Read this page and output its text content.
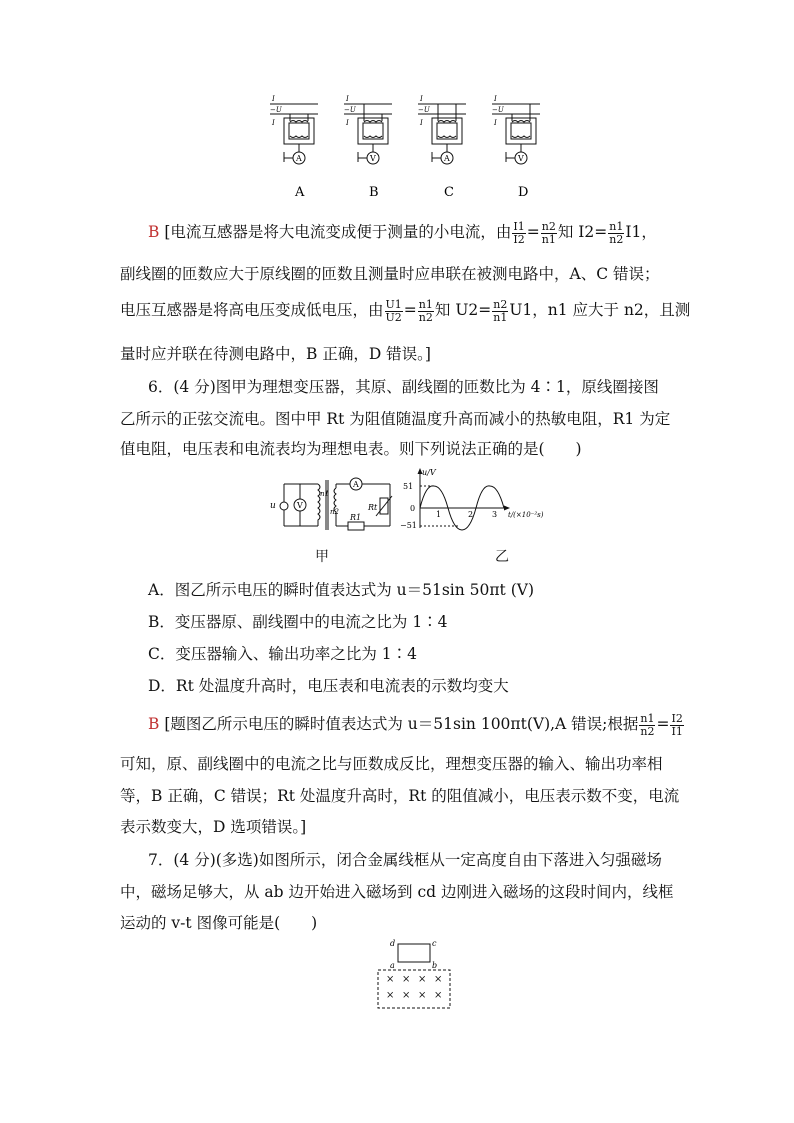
I
−U
I
A
I
−U
I
V
I
−U
I
A
I
−U
I
V
A	B	C	D
B [电流互感器是将大电流变成便于测量的小电流，由 $\frac{I1}{I2} = \frac{n2}{n1}$ 知 $I2= \frac{n1}{n2} I1$，
副线圈的匝数应大于原线圈的匝数且测量时应串联在被测电路中，A、C 错误；
电压互感器是将高电压变成低电压，由 $\frac{U1}{U2} = \frac{n1}{n2}$ 知 $U2= \frac{n2}{n1} U1$，n1 应大于 n2，且测
量时应并联在待测电路中，B 正确，D 错误。]
6．(4 分)图甲为理想变压器，其原、副线圈的匝数比为 4∶1，原线圈接图
乙所示的正弦交流电。图中甲 Rt 为阻值随温度升高而减小的热敏电阻，R1 为定
值电阻，电压表和电流表均为理想电表。则下列说法正确的是(　　)
u	V
n1
n2
A
Rt
R1
u/V
51
0
−51
1	2 3 t/(×10⁻²s)
甲	乙
A．图乙所示电压的瞬时值表达式为 u＝51sin 50πt (V)
B．变压器原、副线圈中的电流之比为 1∶4
C．变压器输入、输出功率之比为 1∶4
D．Rt 处温度升高时，电压表和电流表的示数均变大
B [题图乙所示电压的瞬时值表达式为 u＝51sin 100πt(V),A 错误;根据 $\frac{n1}{n2} = \frac{I2}{I1}$
可知，原、副线圈中的电流之比与匝数成反比，理想变压器的输入、输出功率相
等，B 正确，C 错误；Rt 处温度升高时，Rt 的阻值减小，电压表示数不变，电流
表示数变大，D 选项错误。]
7．(4 分)(多选)如图所示，闭合金属线框从一定高度自由下落进入匀强磁场
中，磁场足够大，从 ab 边开始进入磁场到 cd 边刚进入磁场的这段时间内，线框
运动的 v-t 图像可能是(　　)
d	c
a	b
× × × ×
× × × ×
